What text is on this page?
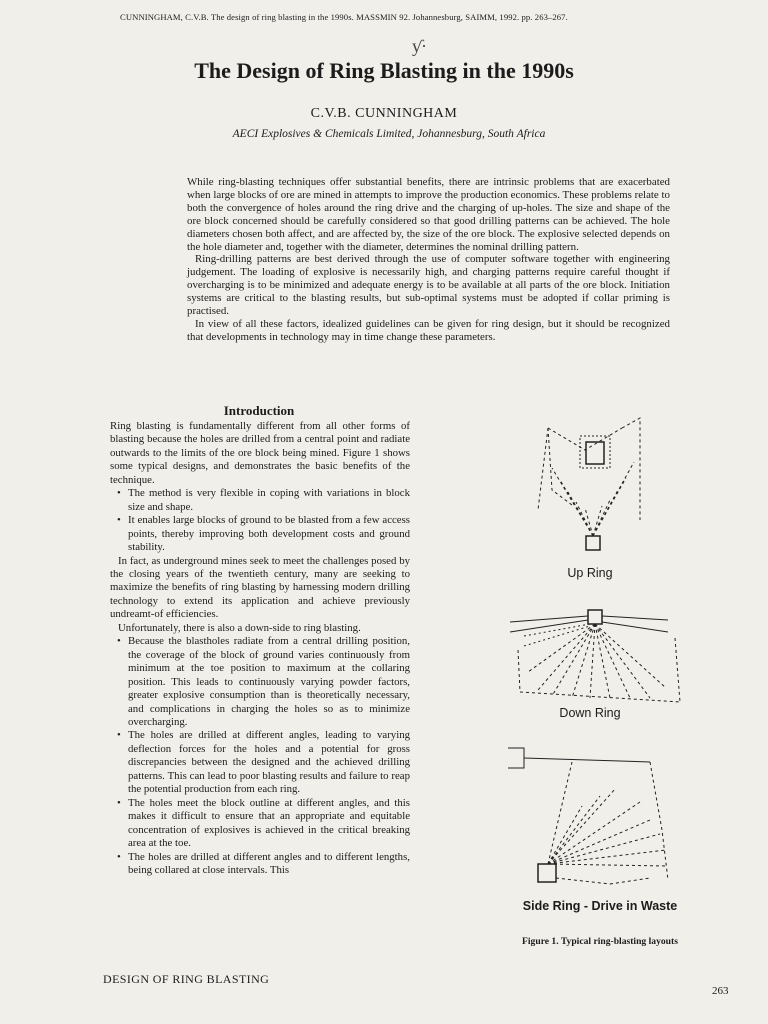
CUNNINGHAM, C.V.B. The design of ring blasting in the 1990s. MASSMIN 92. Johannesburg, SAIMM, 1992. pp. 263–267.
ƴ·
The Design of Ring Blasting in the 1990s
C.V.B. CUNNINGHAM
AECI Explosives & Chemicals Limited, Johannesburg, South Africa

While ring-blasting techniques offer substantial benefits, there are intrinsic problems that are exacerbated when large blocks of ore are mined in attempts to improve the production economics. These problems relate to both the convergence of holes around the ring drive and the charging of up-holes. The size and shape of the ore block concerned should be carefully considered so that good drilling patterns can be achieved. The hole diameters chosen both affect, and are affected by, the size of the ore block. The explosive selected depends on the hole diameter and, together with the diameter, determines the nominal drilling pattern.

Ring-drilling patterns are best derived through the use of computer software together with engineering judgement. The loading of explosive is necessarily high, and charging patterns require careful thought if overcharging is to be minimized and adequate energy is to be available at all parts of the ore block. Initiation systems are critical to the blasting results, but sub-optimal systems must be adopted if collar priming is practised.

In view of all these factors, idealized guidelines can be given for ring design, but it should be recognized that developments in technology may in time change these parameters.

Introduction

Ring blasting is fundamentally different from all other forms of blasting because the holes are drilled from a central point and radiate outwards to the limits of the ore block being mined. Figure 1 shows some typical designs, and demonstrates the basic benefits of the technique.

• The method is very flexible in coping with variations in block size and shape.
• It enables large blocks of ground to be blasted from a few access points, thereby improving both development costs and ground stability.

In fact, as underground mines seek to meet the challenges posed by the closing years of the twentieth century, many are seeking to maximize the benefits of ring blasting by harnessing modern drilling technology to extend its application and achieve previously undreamt-of efficiencies.

Unfortunately, there is also a down-side to ring blasting.

• Because the blastholes radiate from a central drilling position, the coverage of the block of ground varies continuously from minimum at the toe position to maximum at the collaring position. This leads to continuously varying powder factors, greater explosive consumption than is theoretically necessary, and complications in charging the holes so as to minimize overcharging.
• The holes are drilled at different angles, leading to varying deflection forces for the holes and a potential for gross discrepancies between the designed and the achieved drilling patterns. This can lead to poor blasting results and failure to reap the potential production from each ring.
• The holes meet the block outline at different angles, and this makes it difficult to ensure that an appropriate and equitable concentration of explosives is achieved in the critical breaking area at the toe.
• The holes are drilled at different angles and to different lengths, being collared at close intervals. This
Up Ring
Down Ring
Side Ring - Drive in Waste
Figure 1. Typical ring-blasting layouts
DESIGN OF RING BLASTING
263
